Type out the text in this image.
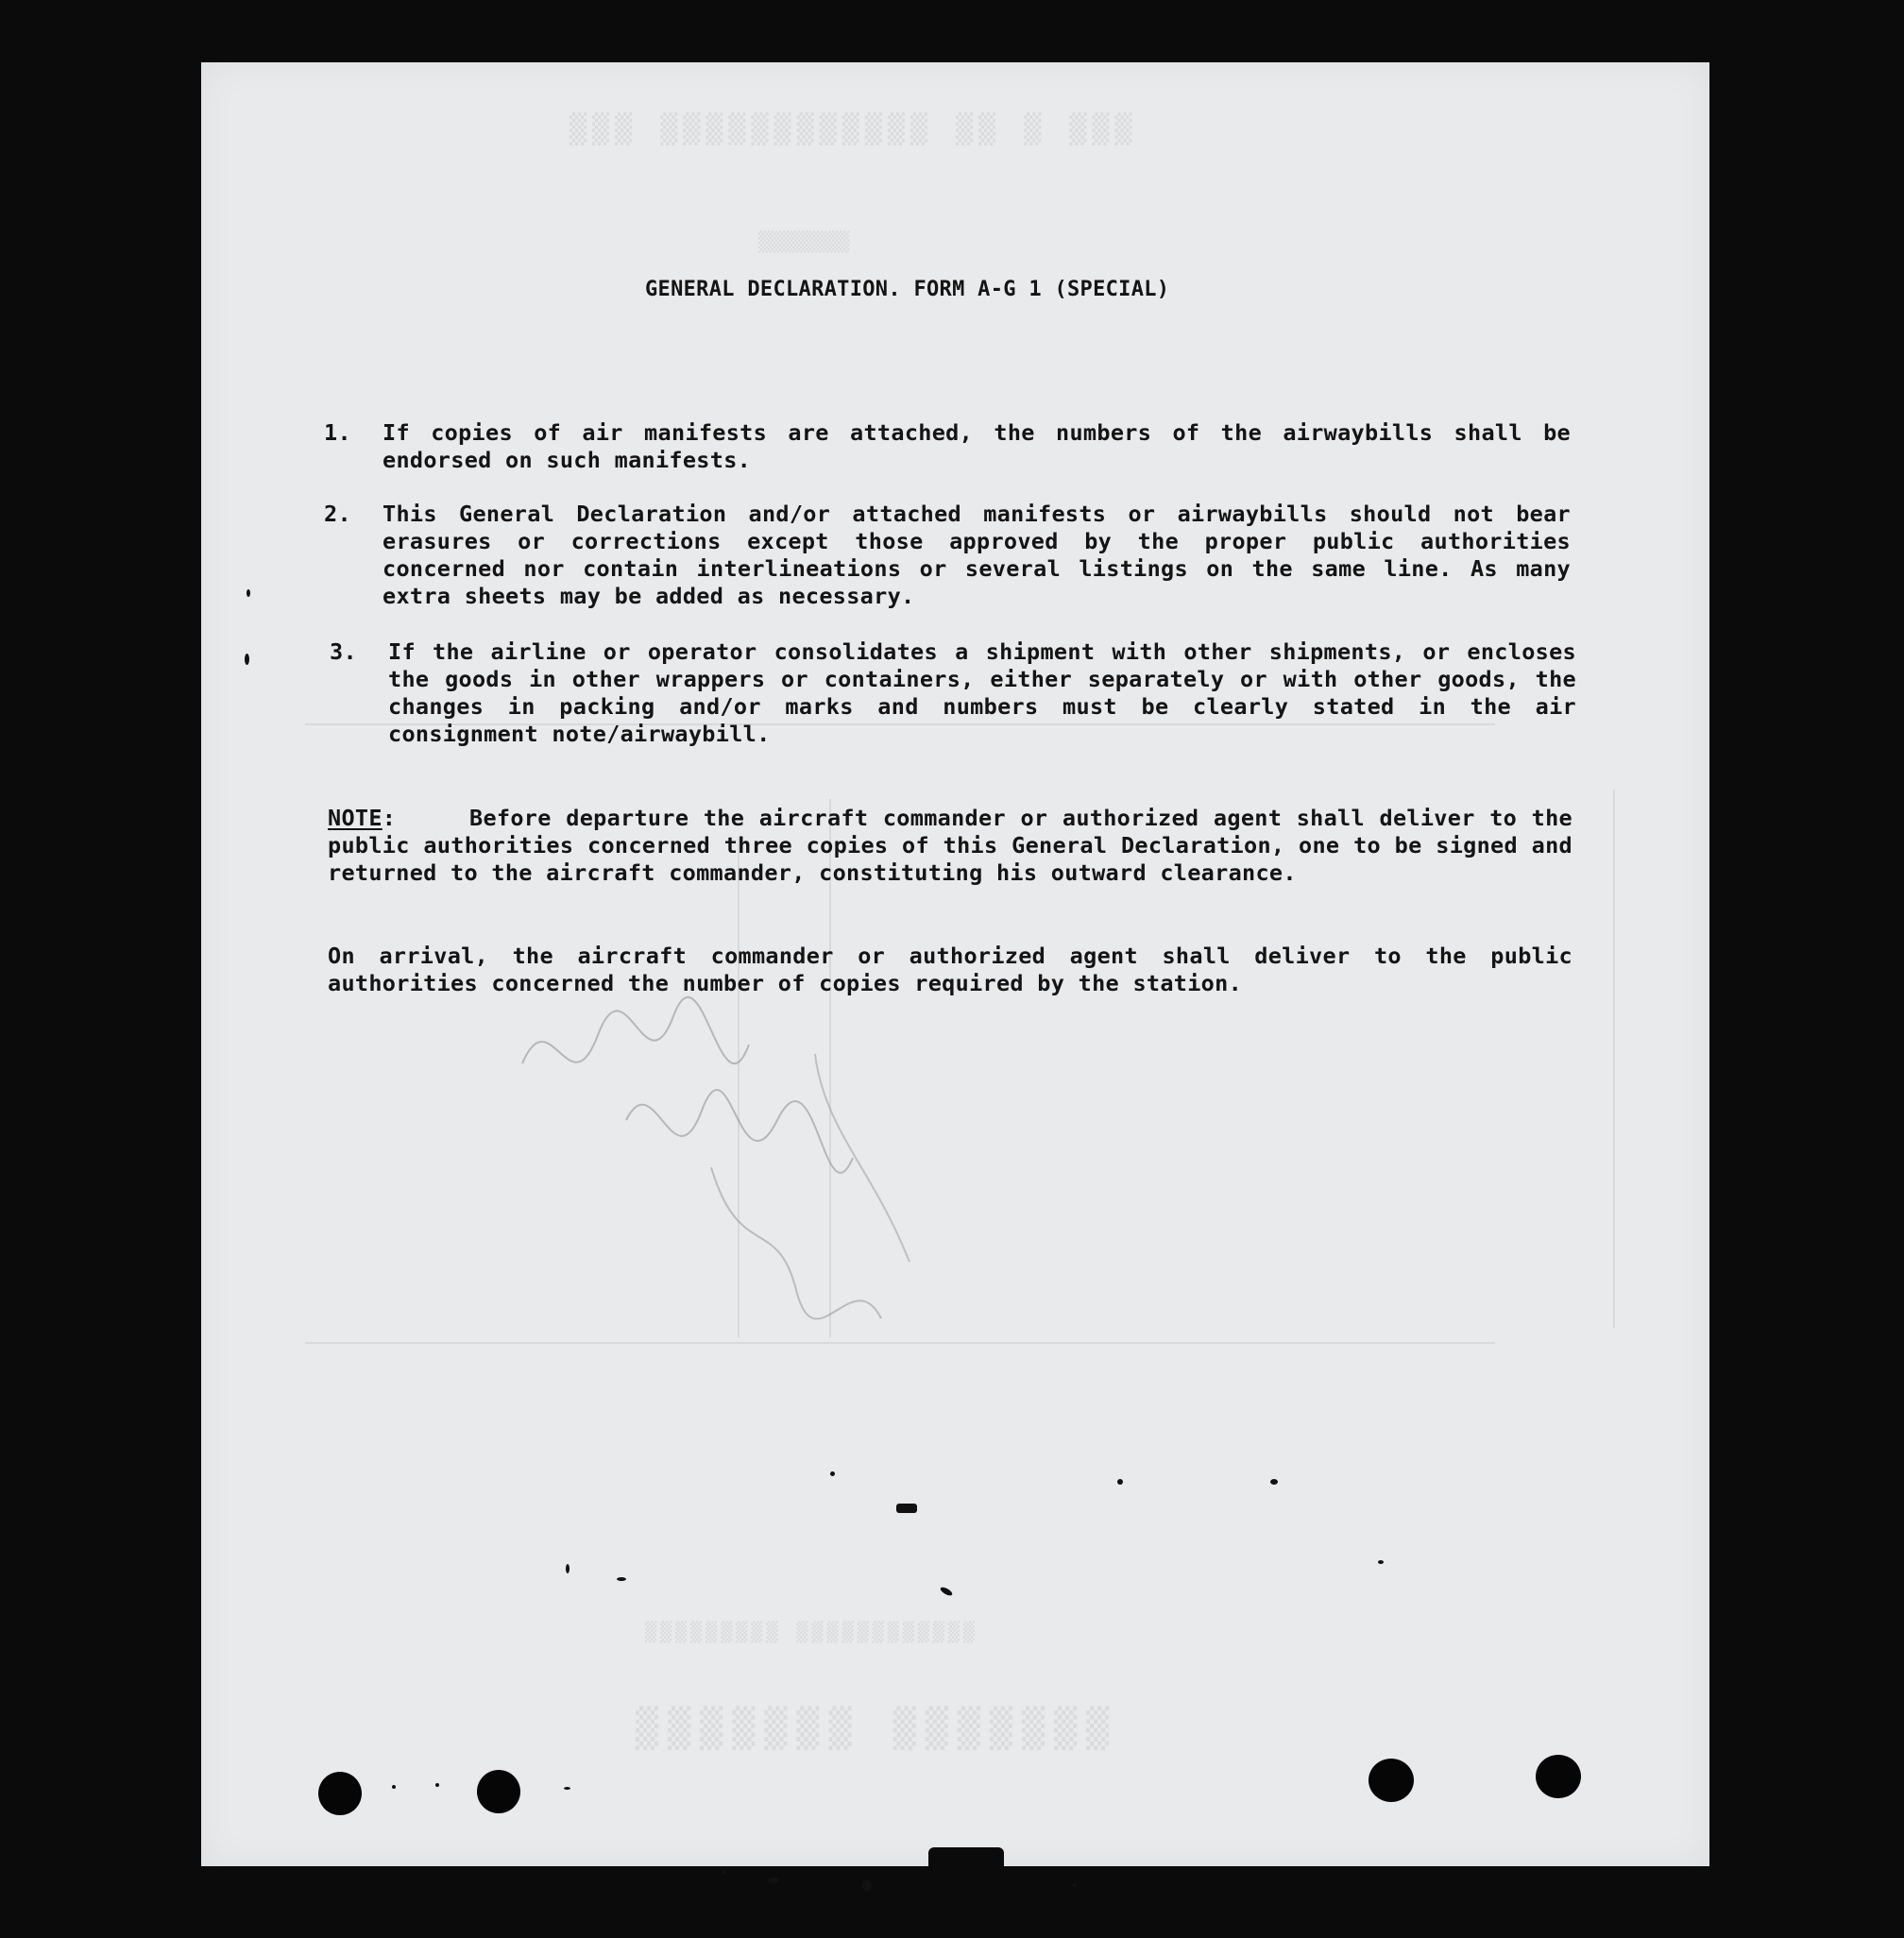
▒▒▒ ▒▒▒▒▒▒▒▒▒▒▒▒ ▒▒ ▒ ▒▒▒
▒▒▒▒▒▒▒▒
▒▒▒▒▒▒▒ ▒▒▒▒▒▒▒
▒▒▒▒▒▒▒▒▒ ▒▒▒▒▒▒▒▒▒▒▒▒
GENERAL DECLARATION. FORM A-G 1 (SPECIAL)
1.	If copies of air manifests are attached, the numbers of the airwaybills shall be endorsed on such manifests.
2.	This General Declaration and/or attached manifests or airwaybills should not bear erasures or corrections except those approved by the proper public authorities concerned nor contain interlineations or several listings on the same line. As many extra sheets may be added as necessary.
3.	If the airline or operator consolidates a shipment with other shipments, or encloses the goods in other wrappers or containers, either separately or with other goods, the changes in packing and/or marks and numbers must be clearly stated in the air consignment note/airwaybill.
NOTE:     Before departure the aircraft commander or authorized agent shall deliver to the public authorities concerned three copies of this General Declaration, one to be signed and returned to the aircraft commander, constituting his outward clearance.
On arrival, the aircraft commander or authorized agent shall deliver to the public authorities concerned the number of copies required by the station.
